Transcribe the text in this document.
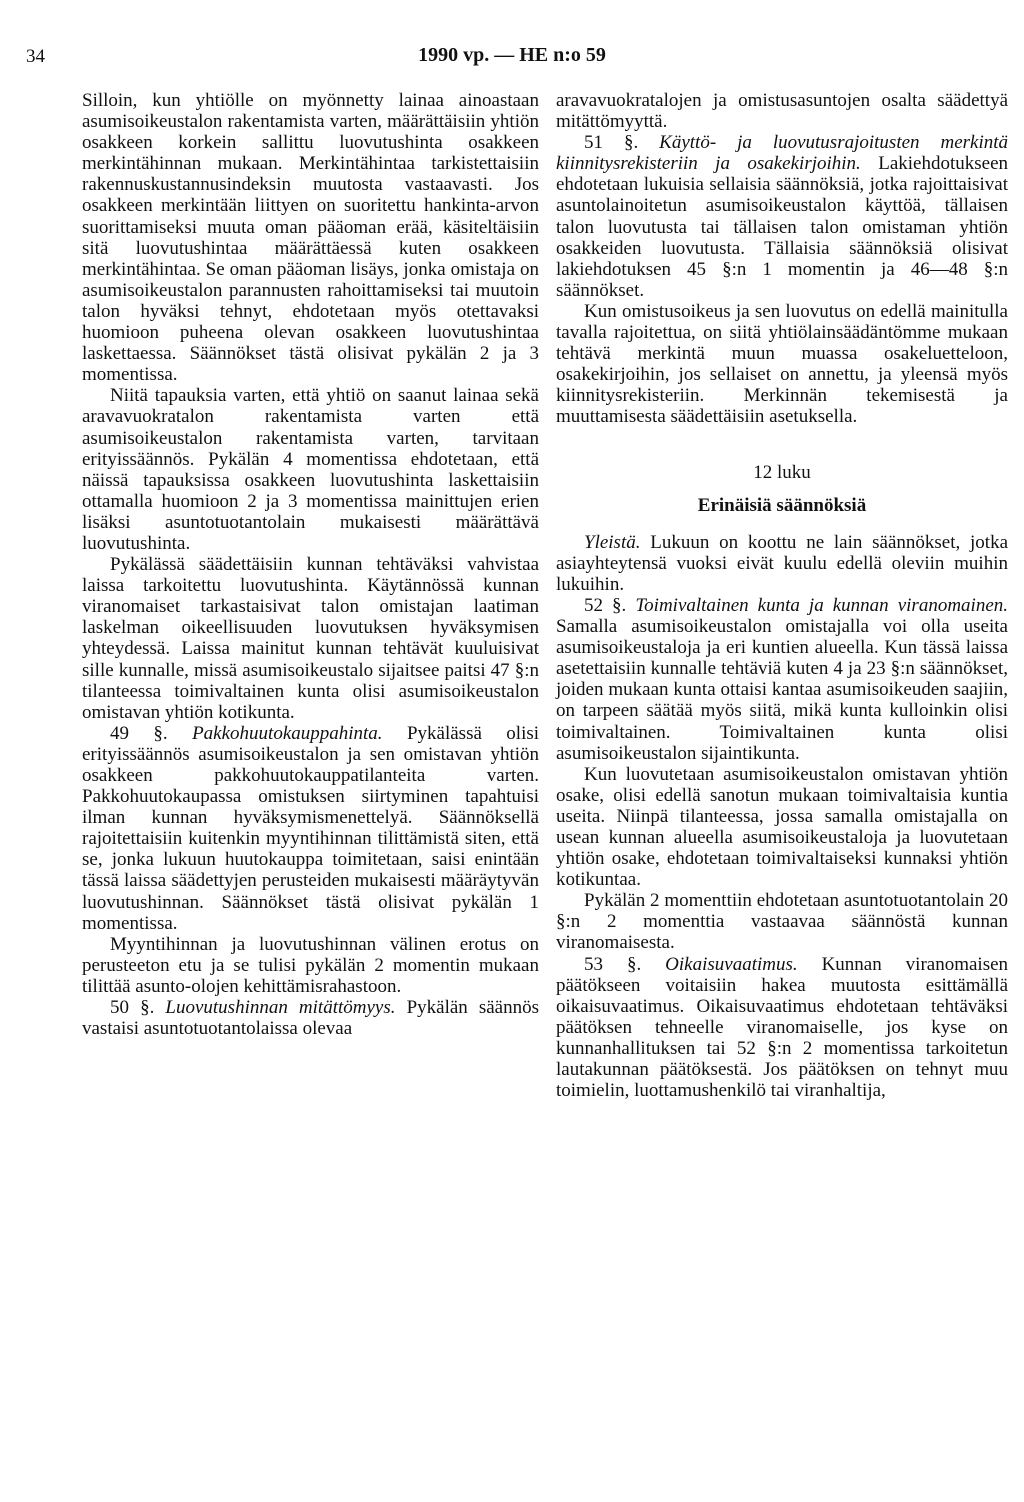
34	1990 vp. — HE n:o 59

Silloin, kun yhtiölle on myönnetty lainaa ainoastaan asumisoikeustalon rakentamista varten, määrättäisiin yhtiön osakkeen korkein sallittu luovutushinta osakkeen merkintähinnan mukaan. Merkintähintaa tarkistettaisiin rakennuskustannusindeksin muutosta vastaavasti. Jos osakkeen merkintään liittyen on suoritettu hankinta-arvon suorittamiseksi muuta oman pääoman erää, käsiteltäisiin sitä luovutushintaa määrättäessä kuten osakkeen merkintähintaa. Se oman pääoman lisäys, jonka omistaja on asumisoikeustalon parannusten rahoittamiseksi tai muutoin talon hyväksi tehnyt, ehdotetaan myös otettavaksi huomioon puheena olevan osakkeen luovutushintaa laskettaessa. Säännökset tästä olisivat pykälän 2 ja 3 momentissa.

Niitä tapauksia varten, että yhtiö on saanut lainaa sekä aravavuokratalon rakentamista varten että asumisoikeustalon rakentamista varten, tarvitaan erityissäännös. Pykälän 4 momentissa ehdotetaan, että näissä tapauksissa osakkeen luovutushinta laskettaisiin ottamalla huomioon 2 ja 3 momentissa mainittujen erien lisäksi asuntotuotantolain mukaisesti määrättävä luovutushinta.

Pykälässä säädettäisiin kunnan tehtäväksi vahvistaa laissa tarkoitettu luovutushinta. Käytännössä kunnan viranomaiset tarkastaisivat talon omistajan laatiman laskelman oikeellisuuden luovutuksen hyväksymisen yhteydessä. Laissa mainitut kunnan tehtävät kuuluisivat sille kunnalle, missä asumisoikeustalo sijaitsee paitsi 47 §:n tilanteessa toimivaltainen kunta olisi asumisoikeustalon omistavan yhtiön kotikunta.

49 §. Pakkohuutokauppahinta. Pykälässä olisi erityissäännös asumisoikeustalon ja sen omistavan yhtiön osakkeen pakkohuutokauppatilanteita varten. Pakkohuutokaupassa omistuksen siirtyminen tapahtuisi ilman kunnan hyväksymismenettelyä. Säännöksellä rajoitettaisiin kuitenkin myyntihinnan tilittämistä siten, että se, jonka lukuun huutokauppa toimitetaan, saisi enintään tässä laissa säädettyjen perusteiden mukaisesti määräytyvän luovutushinnan. Säännökset tästä olisivat pykälän 1 momentissa.

Myyntihinnan ja luovutushinnan välinen erotus on perusteeton etu ja se tulisi pykälän 2 momentin mukaan tilittää asunto-olojen kehittämisrahastoon.

50 §. Luovutushinnan mitättömyys. Pykälän säännös vastaisi asuntotuotantolaissa olevaa

aravavuokratalojen ja omistusasuntojen osalta säädettyä mitättömyyttä.

51 §. Käyttö- ja luovutusrajoitusten merkintä kiinnitysrekisteriin ja osakekirjoihin. Lakiehdotukseen ehdotetaan lukuisia sellaisia säännöksiä, jotka rajoittaisivat asuntolainoitetun asumisoikeustalon käyttöä, tällaisen talon luovutusta tai tällaisen talon omistaman yhtiön osakkeiden luovutusta. Tällaisia säännöksiä olisivat lakiehdotuksen 45 §:n 1 momentin ja 46—48 §:n säännökset.

Kun omistusoikeus ja sen luovutus on edellä mainitulla tavalla rajoitettua, on siitä yhtiölainsäädäntömme mukaan tehtävä merkintä muun muassa osakeluetteloon, osakekirjoihin, jos sellaiset on annettu, ja yleensä myös kiinnitysrekisteriin. Merkinnän tekemisestä ja muuttamisesta säädettäisiin asetuksella.

12 luku
Erinäisiä säännöksiä

Yleistä. Lukuun on koottu ne lain säännökset, jotka asiayhteytensä vuoksi eivät kuulu edellä oleviin muihin lukuihin.

52 §. Toimivaltainen kunta ja kunnan viranomainen. Samalla asumisoikeustalon omistajalla voi olla useita asumisoikeustaloja ja eri kuntien alueella. Kun tässä laissa asetettaisiin kunnalle tehtäviä kuten 4 ja 23 §:n säännökset, joiden mukaan kunta ottaisi kantaa asumisoikeuden saajiin, on tarpeen säätää myös siitä, mikä kunta kulloinkin olisi toimivaltainen. Toimivaltainen kunta olisi asumisoikeustalon sijaintikunta.

Kun luovutetaan asumisoikeustalon omistavan yhtiön osake, olisi edellä sanotun mukaan toimivaltaisia kuntia useita. Niinpä tilanteessa, jossa samalla omistajalla on usean kunnan alueella asumisoikeustaloja ja luovutetaan yhtiön osake, ehdotetaan toimivaltaiseksi kunnaksi yhtiön kotikuntaa.

Pykälän 2 momenttiin ehdotetaan asuntotuotantolain 20 §:n 2 momenttia vastaavaa säännöstä kunnan viranomaisesta.

53 §. Oikaisuvaatimus. Kunnan viranomaisen päätökseen voitaisiin hakea muutosta esittämällä oikaisuvaatimus. Oikaisuvaatimus ehdotetaan tehtäväksi päätöksen tehneelle viranomaiselle, jos kyse on kunnanhallituksen tai 52 §:n 2 momentissa tarkoitetun lautakunnan päätöksestä. Jos päätöksen on tehnyt muu toimielin, luottamushenkilö tai viranhaltija,
